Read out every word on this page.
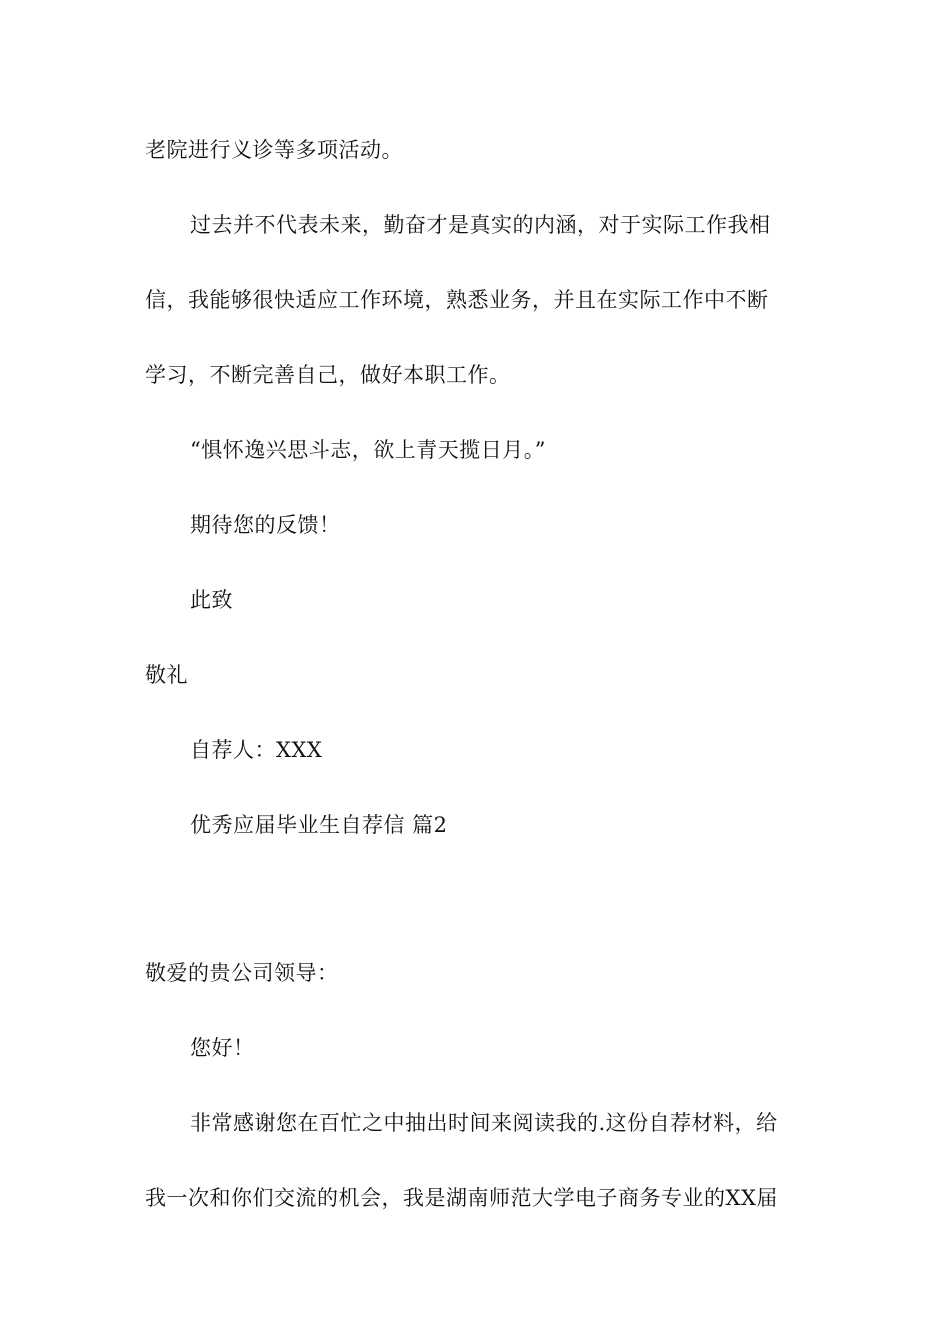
老院进行义诊等多项活动。
过去并不代表未来，勤奋才是真实的内涵，对于实际工作我相
信，我能够很快适应工作环境，熟悉业务，并且在实际工作中不断
学习，不断完善自己，做好本职工作。
“惧怀逸兴思斗志，欲上青天揽日月。”
期待您的反馈！
此致
敬礼
自荐人：XXX
优秀应届毕业生自荐信 篇2
敬爱的贵公司领导：
您好！
非常感谢您在百忙之中抽出时间来阅读我的.这份自荐材料，给
我一次和你们交流的机会，我是湖南师范大学电子商务专业的XX届
